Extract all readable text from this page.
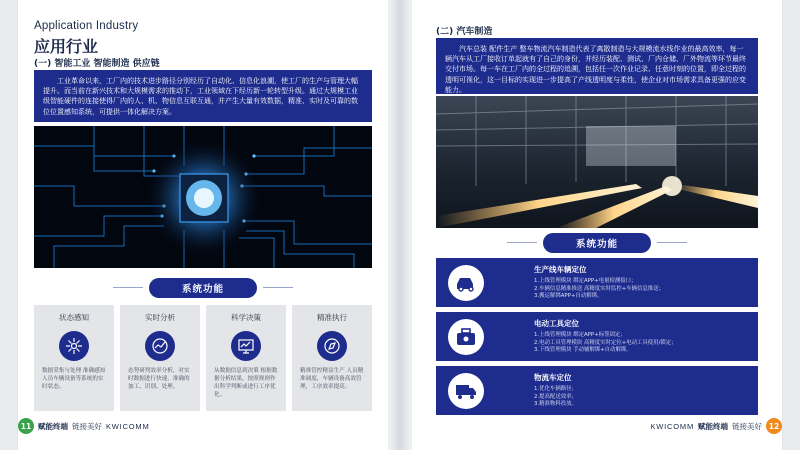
Application Industry
应用行业
(一) 智能工业 智能制造 供应链
工业革命以来，工厂内的技术进步路径分别经历了自动化、信息化浪潮，使工厂的生产与管理大幅提升。而当前在新兴技术和大规模需求的推动下，工业领域在下经历新一轮转型升级。通过大规模工业级智能硬件的连接使得厂内的人、机、物信息互联互通，并产生大量有效数据，精准、实时及可靠的数位位置感知系统，可提供一体化解决方案。
系统功能
状态感知
数据采集与处理 准确感知人员车辆设备等系统的实时状态。
实时分析
态势研判效率分析，对实时数据进行快速、准确的加工、识别、处理。
科学决策
从数据信息到决策 根据数据分析结果，按照规则作出科学判断或进行工序优化。
精准执行
精准管控精益生产 人员精准调度，车辆设备高效管理，工序效率提高。
11 赋能终端 链接美好 KWICOMM
(二) 汽车制造
汽车总装 配件生产 整车物流汽车制造代表了离散制造与大规模流水线作业的最高效率，每一辆汽车从工厂接收订单起就有了自己的身份，并经历装配、测试、厂内仓储、厂外物流等环节最终交付市场。每一车在工厂内的全过程的追溯，包括任一次作业记录、任意时刻的位置，即全过程的透明可视化，这一目标的实现进一步提高了产线透明度与柔性，使企业对市场需求具备更强的应变能力。
系统功能
生产线车辆定位
1.上线管理模块 绑定APP+电量检测接口；
2.车辆信息精准推送 高精度实时监控+车辆信息推送；
3.搬运解绑APP+自动解绑。
电动工具定位
1.上线管理模块 绑定APP+标签固定；
2.电动工具管理模块 高精度实时定位+电动工具使用/锁定；
3.下线管理模块 手动辅解绑+自动解绑。
物流车定位
1.优化车辆路径；
2.提高配送效率；
3.精准物料投放。
KWICOMM 赋能终端 链接美好 12
